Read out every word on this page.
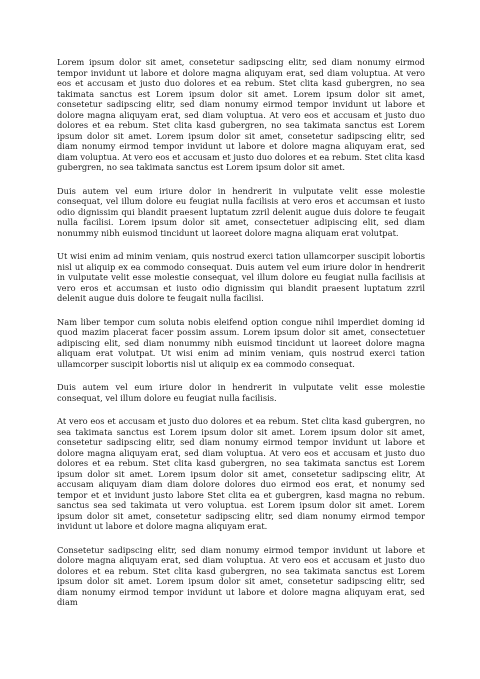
Lorem ipsum dolor sit amet, consetetur sadipscing elitr, sed diam nonumy eirmod tempor invidunt ut labore et dolore magna aliquyam erat, sed diam voluptua. At vero eos et accusam et justo duo dolores et ea rebum. Stet clita kasd gubergren, no sea takimata sanctus est Lorem ipsum dolor sit amet. Lorem ipsum dolor sit amet, consetetur sadipscing elitr, sed diam nonumy eirmod tempor invidunt ut labore et dolore magna aliquyam erat, sed diam voluptua. At vero eos et accusam et justo duo dolores et ea rebum. Stet clita kasd gubergren, no sea takimata sanctus est Lorem ipsum dolor sit amet. Lorem ipsum dolor sit amet, consetetur sadipscing elitr, sed diam nonumy eirmod tempor invidunt ut labore et dolore magna aliquyam erat, sed diam voluptua. At vero eos et accusam et justo duo dolores et ea rebum. Stet clita kasd gubergren, no sea takimata sanctus est Lorem ipsum dolor sit amet.

Duis autem vel eum iriure dolor in hendrerit in vulputate velit esse molestie consequat, vel illum dolore eu feugiat nulla facilisis at vero eros et accumsan et iusto odio dignissim qui blandit praesent luptatum zzril delenit augue duis dolore te feugait nulla facilisi. Lorem ipsum dolor sit amet, consectetuer adipiscing elit, sed diam nonummy nibh euismod tincidunt ut laoreet dolore magna aliquam erat volutpat.

Ut wisi enim ad minim veniam, quis nostrud exerci tation ullamcorper suscipit lobortis nisl ut aliquip ex ea commodo consequat. Duis autem vel eum iriure dolor in hendrerit in vulputate velit esse molestie consequat, vel illum dolore eu feugiat nulla facilisis at vero eros et accumsan et iusto odio dignissim qui blandit praesent luptatum zzril delenit augue duis dolore te feugait nulla facilisi.

Nam liber tempor cum soluta nobis eleifend option congue nihil imperdiet doming id quod mazim placerat facer possim assum. Lorem ipsum dolor sit amet, consectetuer adipiscing elit, sed diam nonummy nibh euismod tincidunt ut laoreet dolore magna aliquam erat volutpat. Ut wisi enim ad minim veniam, quis nostrud exerci tation ullamcorper suscipit lobortis nisl ut aliquip ex ea commodo consequat.

Duis autem vel eum iriure dolor in hendrerit in vulputate velit esse molestie consequat, vel illum dolore eu feugiat nulla facilisis.

At vero eos et accusam et justo duo dolores et ea rebum. Stet clita kasd gubergren, no sea takimata sanctus est Lorem ipsum dolor sit amet. Lorem ipsum dolor sit amet, consetetur sadipscing elitr, sed diam nonumy eirmod tempor invidunt ut labore et dolore magna aliquyam erat, sed diam voluptua. At vero eos et accusam et justo duo dolores et ea rebum. Stet clita kasd gubergren, no sea takimata sanctus est Lorem ipsum dolor sit amet. Lorem ipsum dolor sit amet, consetetur sadipscing elitr, At accusam aliquyam diam diam dolore dolores duo eirmod eos erat, et nonumy sed tempor et et invidunt justo labore Stet clita ea et gubergren, kasd magna no rebum. sanctus sea sed takimata ut vero voluptua. est Lorem ipsum dolor sit amet. Lorem ipsum dolor sit amet, consetetur sadipscing elitr, sed diam nonumy eirmod tempor invidunt ut labore et dolore magna aliquyam erat.

Consetetur sadipscing elitr, sed diam nonumy eirmod tempor invidunt ut labore et dolore magna aliquyam erat, sed diam voluptua. At vero eos et accusam et justo duo dolores et ea rebum. Stet clita kasd gubergren, no sea takimata sanctus est Lorem ipsum dolor sit amet. Lorem ipsum dolor sit amet, consetetur sadipscing elitr, sed diam nonumy eirmod tempor invidunt ut labore et dolore magna aliquyam erat, sed diam
